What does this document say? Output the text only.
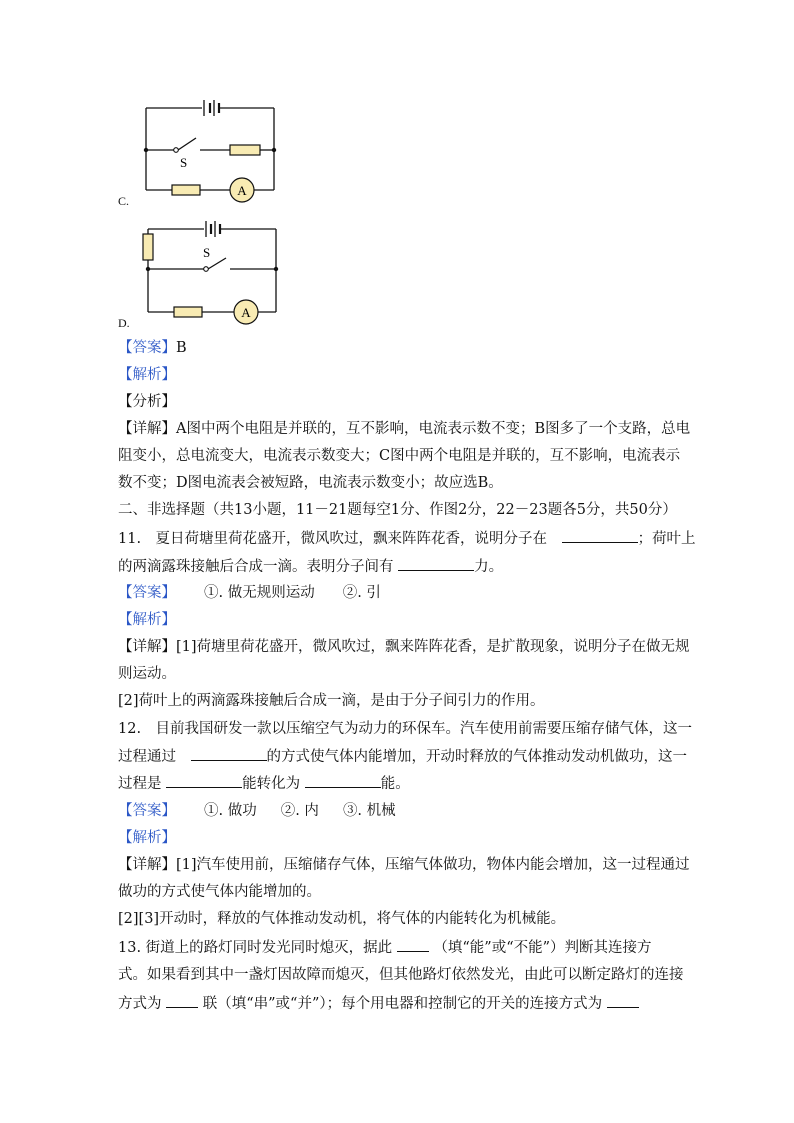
A
S
C.
A
S
D.
【答案】B
【解析】
【分析】
【详解】A图中两个电阻是并联的，互不影响，电流表示数不变；B图多了一个支路，总电
阻变小，总电流变大，电流表示数变大；C图中两个电阻是并联的，互不影响，电流表示
数不变；D图电流表会被短路，电流表示数变小；故应选B。
二、非选择题（共13小题，11－21题每空1分、作图2分，22－23题各5分，共50分）
11.　夏日荷塘里荷花盛开，微风吹过，飘来阵阵花香，说明分子在　	；荷叶上
的两滴露珠接触后合成一滴。表明分子间有	力。
【答案】 ①. 做无规则运动 ②. 引
【解析】
【详解】[1]荷塘里荷花盛开，微风吹过，飘来阵阵花香，是扩散现象，说明分子在做无规
则运动。
[2]荷叶上的两滴露珠接触后合成一滴，是由于分子间引力的作用。
12.　目前我国研发一款以压缩空气为动力的环保车。汽车使用前需要压缩存储气体，这一
过程通过　	的方式使气体内能增加，开动时释放的气体推动发动机做功，这一
过程是	能转化为	能。
【答案】 ①. 做功 ②. 内 ③. 机械
【解析】
【详解】[1]汽车使用前，压缩储存气体，压缩气体做功，物体内能会增加，这一过程通过
做功的方式使气体内能增加的。
[2][3]开动时，释放的气体推动发动机，将气体的内能转化为机械能。
13. 街道上的路灯同时发光同时熄灭，据此	（填“能”或“不能”）判断其连接方
式。如果看到其中一盏灯因故障而熄灭，但其他路灯依然发光，由此可以断定路灯的连接
方式为	联（填“串”或“并”）；每个用电器和控制它的开关的连接方式为
